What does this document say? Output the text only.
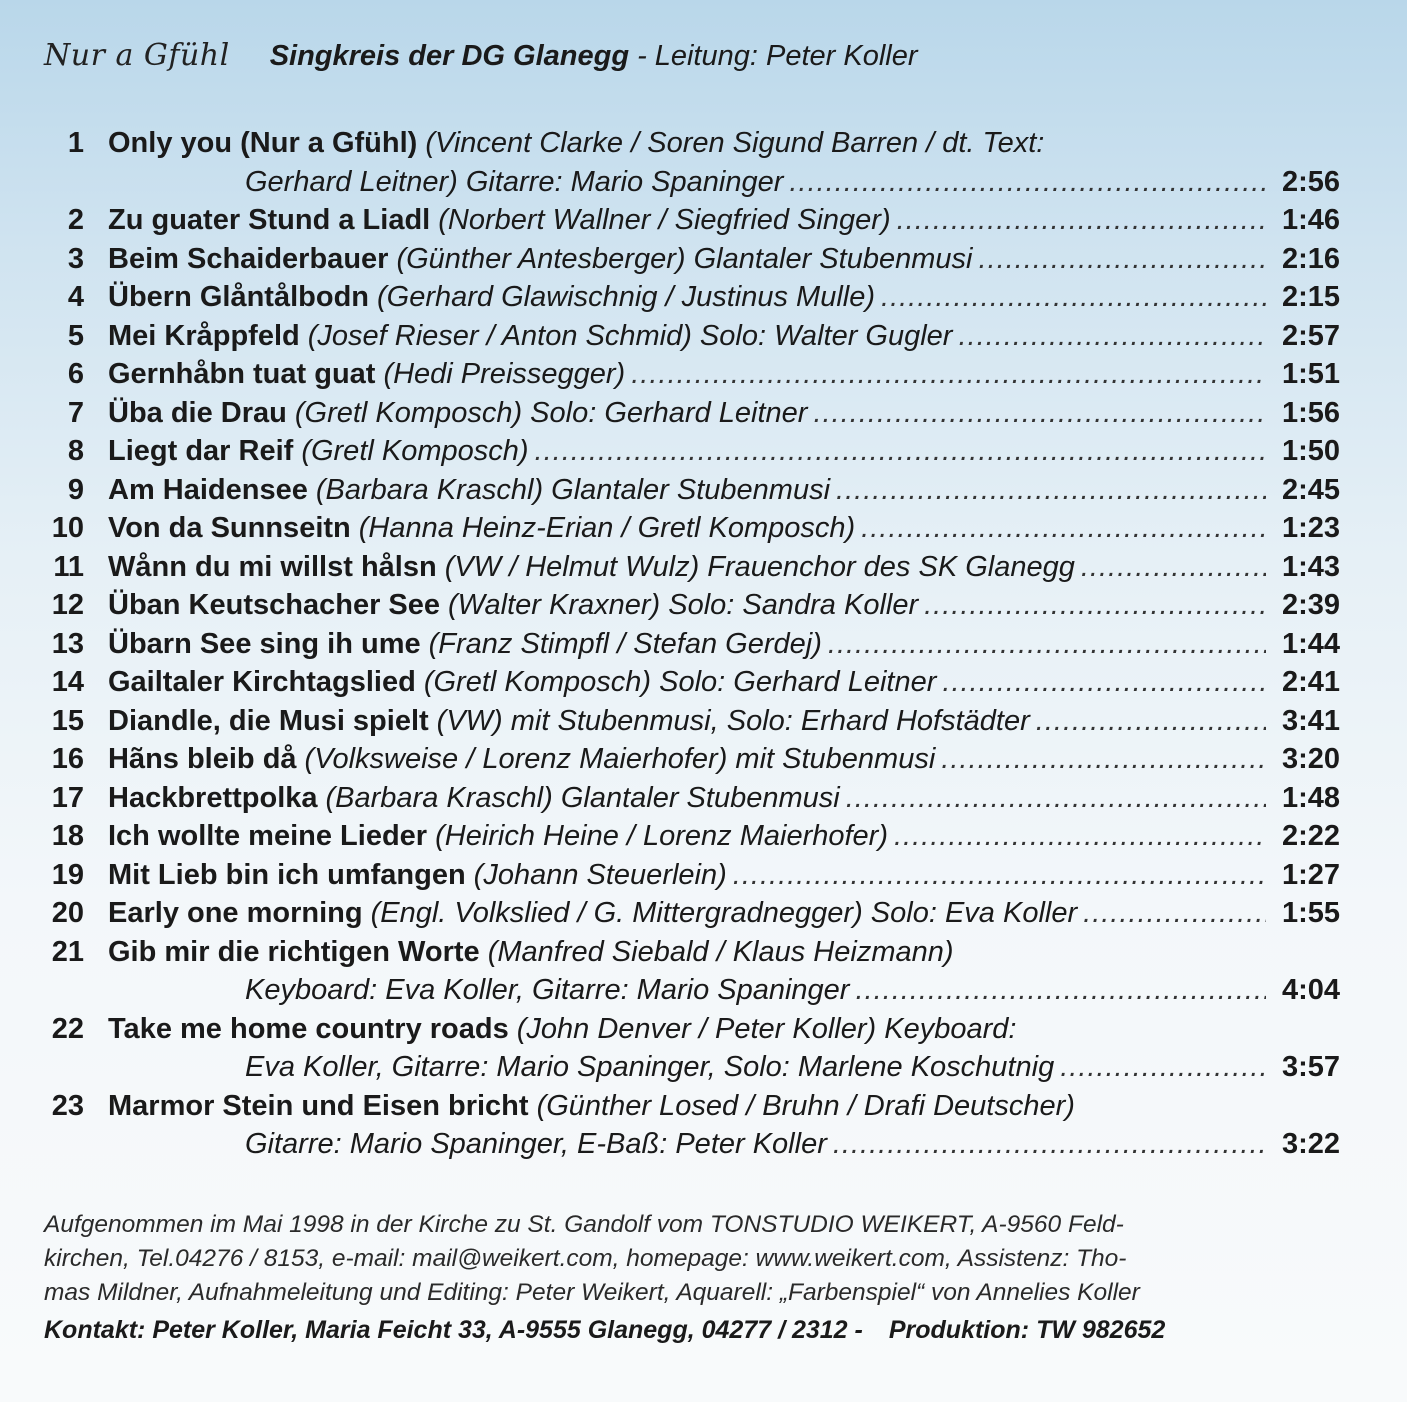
Nur a Gfühl Singkreis der DG Glanegg - Leitung: Peter Koller
1 Only you (Nur a Gfühl) (Vincent Clarke / Soren Sigund Barren / dt. Text:
Gerhard Leitner) Gitarre: Mario Spaninger .....	2:56
2 Zu guater Stund a Liadl (Norbert Wallner / Siegfried Singer) .....	1:46
3 Beim Schaiderbauer (Günther Antesberger) Glantaler Stubenmusi .....	2:16
4 Übern Glåntålbodn (Gerhard Glawischnig / Justinus Mulle) .....	2:15
5 Mei Kråppfeld (Josef Rieser / Anton Schmid) Solo: Walter Gugler .....	2:57
6 Gernhåbn tuat guat (Hedi Preissegger) .....	1:51
7 Üba die Drau (Gretl Komposch) Solo: Gerhard Leitner .....	1:56
8 Liegt dar Reif (Gretl Komposch) .....	1:50
9 Am Haidensee (Barbara Kraschl) Glantaler Stubenmusi .....	2:45
10 Von da Sunnseitn (Hanna Heinz-Erian / Gretl Komposch) .....	1:23
11 Wånn du mi willst hålsn (VW / Helmut Wulz) Frauenchor des SK Glanegg .....	1:43
12 Üban Keutschacher See (Walter Kraxner) Solo: Sandra Koller .....	2:39
13 Übarn See sing ih ume (Franz Stimpfl / Stefan Gerdej) .....	1:44
14 Gailtaler Kirchtagslied (Gretl Komposch) Solo: Gerhard Leitner .....	2:41
15 Diandle, die Musi spielt (VW) mit Stubenmusi, Solo: Erhard Hofstädter .....	3:41
16 Hãns bleib då (Volksweise / Lorenz Maierhofer) mit Stubenmusi .....	3:20
17 Hackbrettpolka (Barbara Kraschl) Glantaler Stubenmusi .....	1:48
18 Ich wollte meine Lieder (Heirich Heine / Lorenz Maierhofer) .....	2:22
19 Mit Lieb bin ich umfangen (Johann Steuerlein) .....	1:27
20 Early one morning (Engl. Volkslied / G. Mittergradnegger) Solo: Eva Koller .....	1:55
21 Gib mir die richtigen Worte (Manfred Siebald / Klaus Heizmann)
Keyboard: Eva Koller, Gitarre: Mario Spaninger .....	4:04
22 Take me home country roads (John Denver / Peter Koller) Keyboard:
Eva Koller, Gitarre: Mario Spaninger, Solo: Marlene Koschutnig .....	3:57
23 Marmor Stein und Eisen bricht (Günther Losed / Bruhn / Drafi Deutscher)
Gitarre: Mario Spaninger, E-Baß: Peter Koller .....	3:22
Aufgenommen im Mai 1998 in der Kirche zu St. Gandolf vom TONSTUDIO WEIKERT, A-9560 Feld-
kirchen, Tel.04276 / 8153, e-mail: mail@weikert.com, homepage: www.weikert.com, Assistenz: Tho-
mas Mildner, Aufnahmeleitung und Editing: Peter Weikert, Aquarell: „Farbenspiel“ von Annelies Koller
Kontakt: Peter Koller, Maria Feicht 33, A-9555 Glanegg, 04277 / 2312 - Produktion: TW 982652
